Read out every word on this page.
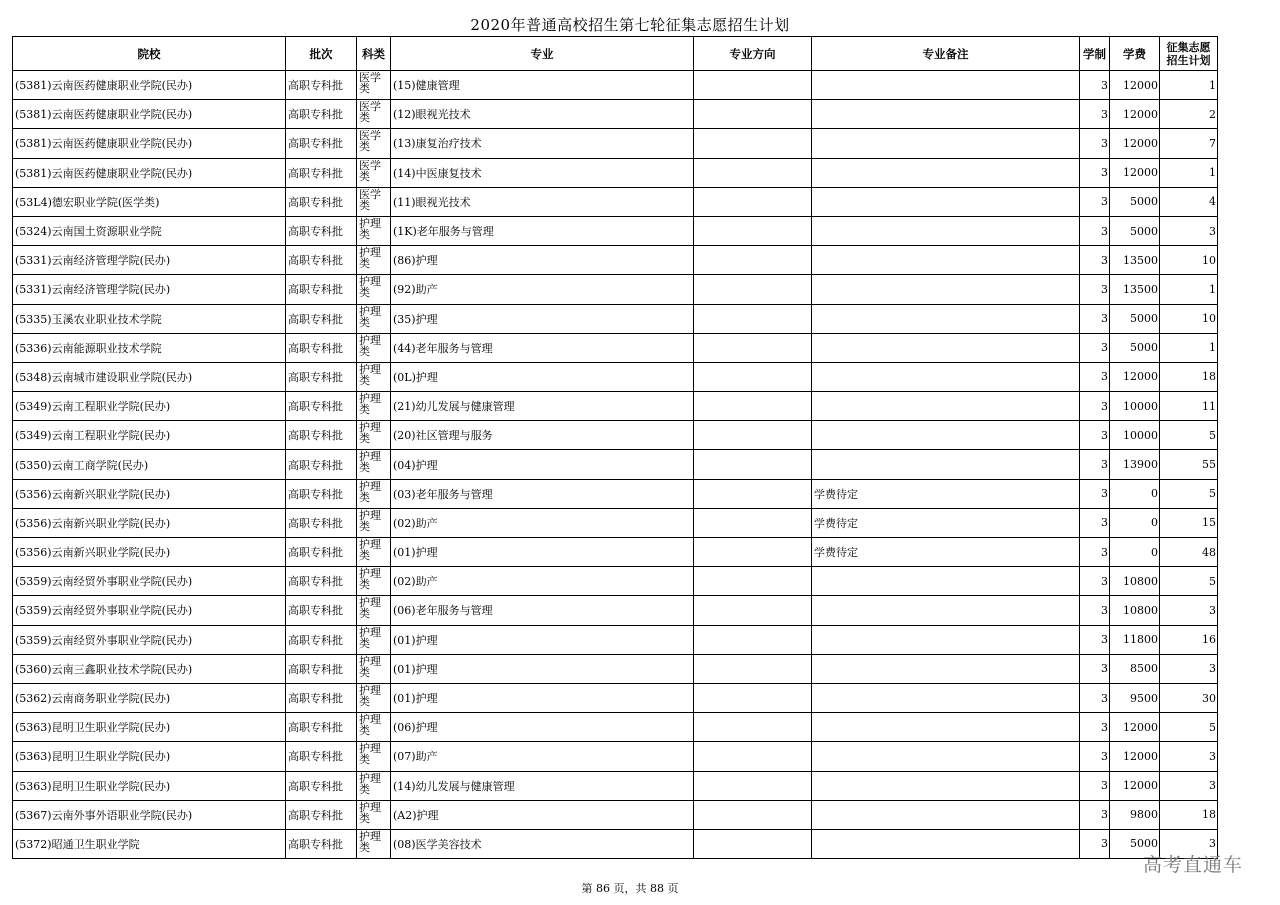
2020年普通高校招生第七轮征集志愿招生计划
院校	批次	科类	专业	专业方向	专业备注	学制	学费	征集志愿招生计划
(5381)云南医药健康职业学院(民办)	高职专科批	医学类	(15)健康管理			3	12000	1
(5381)云南医药健康职业学院(民办)	高职专科批	医学类	(12)眼视光技术			3	12000	2
(5381)云南医药健康职业学院(民办)	高职专科批	医学类	(13)康复治疗技术			3	12000	7
(5381)云南医药健康职业学院(民办)	高职专科批	医学类	(14)中医康复技术			3	12000	1
(53L4)德宏职业学院(医学类)	高职专科批	医学类	(11)眼视光技术			3	5000	4
(5324)云南国土资源职业学院	高职专科批	护理类	(1K)老年服务与管理			3	5000	3
(5331)云南经济管理学院(民办)	高职专科批	护理类	(86)护理			3	13500	10
(5331)云南经济管理学院(民办)	高职专科批	护理类	(92)助产			3	13500	1
(5335)玉溪农业职业技术学院	高职专科批	护理类	(35)护理			3	5000	10
(5336)云南能源职业技术学院	高职专科批	护理类	(44)老年服务与管理			3	5000	1
(5348)云南城市建设职业学院(民办)	高职专科批	护理类	(0L)护理			3	12000	18
(5349)云南工程职业学院(民办)	高职专科批	护理类	(21)幼儿发展与健康管理			3	10000	11
(5349)云南工程职业学院(民办)	高职专科批	护理类	(20)社区管理与服务			3	10000	5
(5350)云南工商学院(民办)	高职专科批	护理类	(04)护理			3	13900	55
(5356)云南新兴职业学院(民办)	高职专科批	护理类	(03)老年服务与管理		学费待定	3	0	5
(5356)云南新兴职业学院(民办)	高职专科批	护理类	(02)助产		学费待定	3	0	15
(5356)云南新兴职业学院(民办)	高职专科批	护理类	(01)护理		学费待定	3	0	48
(5359)云南经贸外事职业学院(民办)	高职专科批	护理类	(02)助产			3	10800	5
(5359)云南经贸外事职业学院(民办)	高职专科批	护理类	(06)老年服务与管理			3	10800	3
(5359)云南经贸外事职业学院(民办)	高职专科批	护理类	(01)护理			3	11800	16
(5360)云南三鑫职业技术学院(民办)	高职专科批	护理类	(01)护理			3	8500	3
(5362)云南商务职业学院(民办)	高职专科批	护理类	(01)护理			3	9500	30
(5363)昆明卫生职业学院(民办)	高职专科批	护理类	(06)护理			3	12000	5
(5363)昆明卫生职业学院(民办)	高职专科批	护理类	(07)助产			3	12000	3
(5363)昆明卫生职业学院(民办)	高职专科批	护理类	(14)幼儿发展与健康管理			3	12000	3
(5367)云南外事外语职业学院(民办)	高职专科批	护理类	(A2)护理			3	9800	18
(5372)昭通卫生职业学院	高职专科批	护理类	(08)医学美容技术			3	5000	3
第 86 页，共 88 页
高考直通车
